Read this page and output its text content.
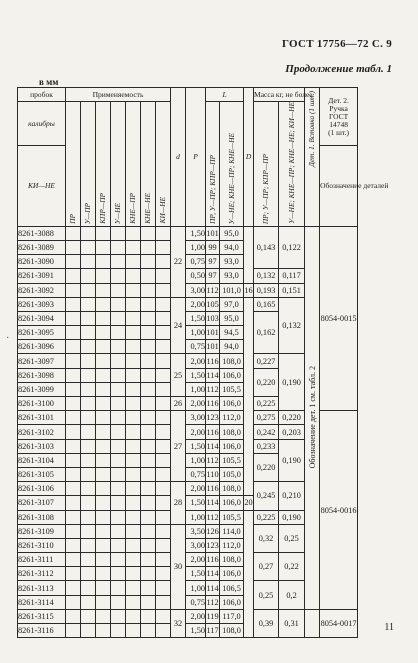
ГОСТ 17756—72 С. 9
Продолжение табл. 1
в мм
пробок	Применяемость							d	P	L		D	Массa кг, не более		Дет. 1. Вставка (1 шт.)	Дет. 2.
Ручка
ГОСТ
14748
(1 шт.)

калибры	ПР	У—ПР	КПР—ПР	У—НЕ	КНЕ—ПР	КНЕ—НЕ	КИ—НЕ			ПР, У—ПР; КПР—ПР	У—НЕ; КНЕ—ПР; КНЕ—НЕ		ПР; У—ПР; КПР—ПР	У—НЕ; КНЕ—ПР; КНЕ—НЕ; КИ—НЕ		
КИ—НЕ																Обозначение деталей
8261-3088								22	1,50	101	95,0		0,143	0,122	Обозначение дет. 1 см. табл. 2	8054-0015
8261-3089									1,00	99	94,0					
8261-3090									0,75	97	93,0					
8261-3091									0,50	97	93,0		0,132	0,117		
8261-3092									3,00	112	101,0	16	0,193	0,151		
8261-3093								24	2,00	105	97,0		0,165	0,132		
8261-3094									1,50	103	95,0		0,162			
8261-3095									1,00	101	94,5					
8261-3096									0,75	101	94,0					
8261-3097								25	2,00	116	108,0		0,227	0,190		
8261-3098									1,50	114	106,0		0,220			
8261-3099									1,00	112	105,5					
8261-3100								26	2,00	116	106,0		0,225			
8261-3101								27	3,00	123	112,0		0,275	0,220		8054-0016
8261-3102									2,00	116	108,0		0,242	0,203		
8261-3103									1,50	114	106,0		0,233	0,190		
8261-3104									1,00	112	105,5		0,220			
8261-3105									0,75	110	105,0					
8261-3106								28	2,00	116	108,0		0,245	0,210		
8261-3107									1,50	114	106,0	20				
8261-3108									1,00	112	105,5		0,225	0,190		
8261-3109								30	3,50	126	114,0		0,32	0,25		
8261-3110									3,00	123	112,0					
8261-3111									2,00	116	108,0		0,27	0,22		
8261-3112									1,50	114	106,0					
8261-3113									1,00	114	106,5		0,25	0,2		
8261-3114									0,75	112	106,0					
8261-3115								32	2,00	119	117,0		0,39	0,31		8054-0017
8261-3116									1,50	117	108,0						11
·
